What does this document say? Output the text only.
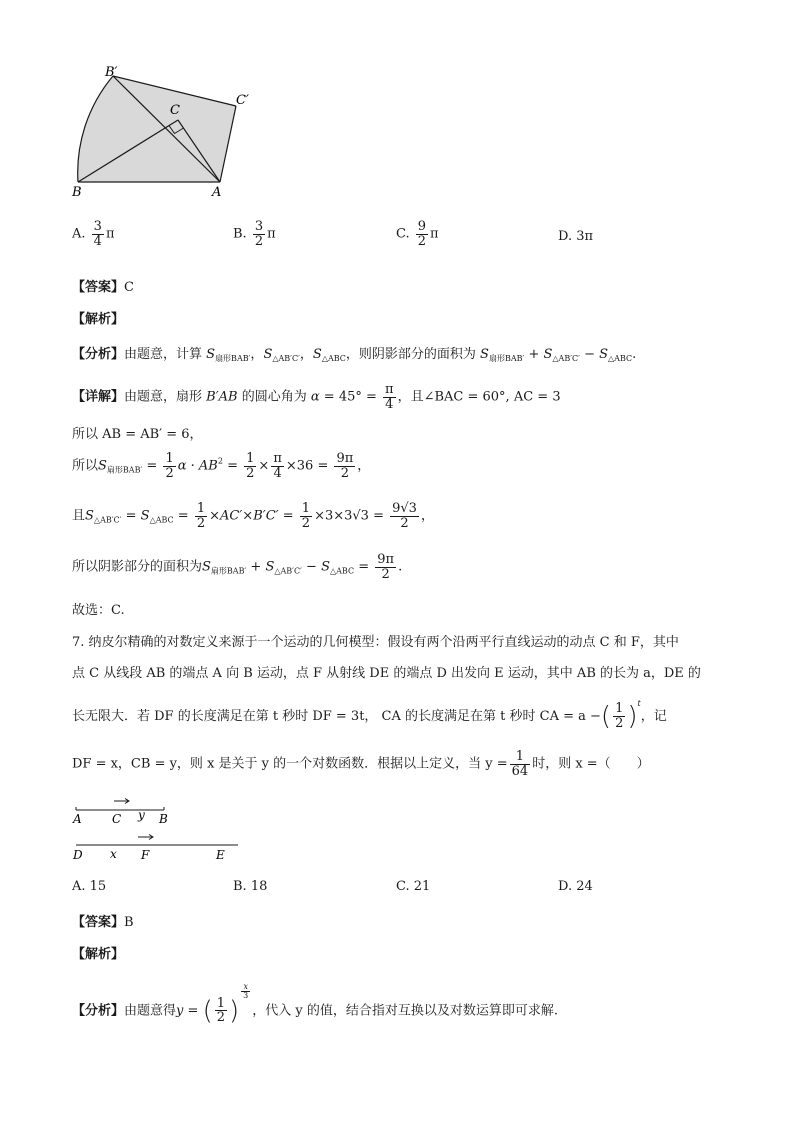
B′
C
C′
B	A
A. $\frac{3}{4}$ π	B. $\frac{3}{2}$ π	C. $\frac{9}{2}$ π	D. 3π
【答案】C
【解析】
【分析】由题意，计算 $S_{扇形BAB'}$，$S_{\triangle AB'C'}$，$S_{\triangle ABC}$，则阴影部分的面积为 $S_{扇形BAB'} + S_{\triangle AB'C'} - S_{\triangle ABC}$.
【详解】由题意，扇形 B′AB 的圆心角为 $\alpha = 45^\circ = \frac{\pi}{4}$ ，且∠BAC = 60°, AC = 3
所以 AB = AB′ = 6，
所以$S_{扇形BAB'} = \frac{1}{2}$ $\alpha \cdot AB^2 = \frac{1}{2} \times \frac{\pi}{4} \times 36 = \frac{9\pi}{2}$ ，
且$S_{\triangle AB'C'} = S_{\triangle ABC} = \frac{1}{2} \times AC'\times B'C' = \frac{1}{2} \times 3\times 3√3 = \frac{9√3}{2}$ ，
所以阴影部分的面积为$S_{扇形BAB'} + S_{\triangle AB'C'} - S_{\triangle ABC} = \frac{9\pi}{2}$ .
故选：C.
7. 纳皮尔精确的对数定义来源于一个运动的几何模型：假设有两个沿两平行直线运动的动点 C 和 F，其中
点 C 从线段 AB 的端点 A 向 B 运动，点 F 从射线 DE 的端点 D 出发向 E 运动，其中 AB 的长为 a，DE 的
长无限大．若 DF 的长度满足在第 t 秒时 DF = 3t， CA 的长度满足在第 t 秒时 CA = a −( $\frac{1}{2} )^t$，记
DF = x，CB = y，则 x 是关于 y 的一个对数函数．根据以上定义，当 $y = \frac{1}{64}$ 时，则 x =（　　）
A	C y B
D x F	E
A. 15	B. 18	C. 21	D. 24
【答案】B
【解析】
【分析】由题意得y = ( $\frac{1}{2}$ )
$\frac{x}{3}$
，代入 y 的值，结合指对互换以及对数运算即可求解.
